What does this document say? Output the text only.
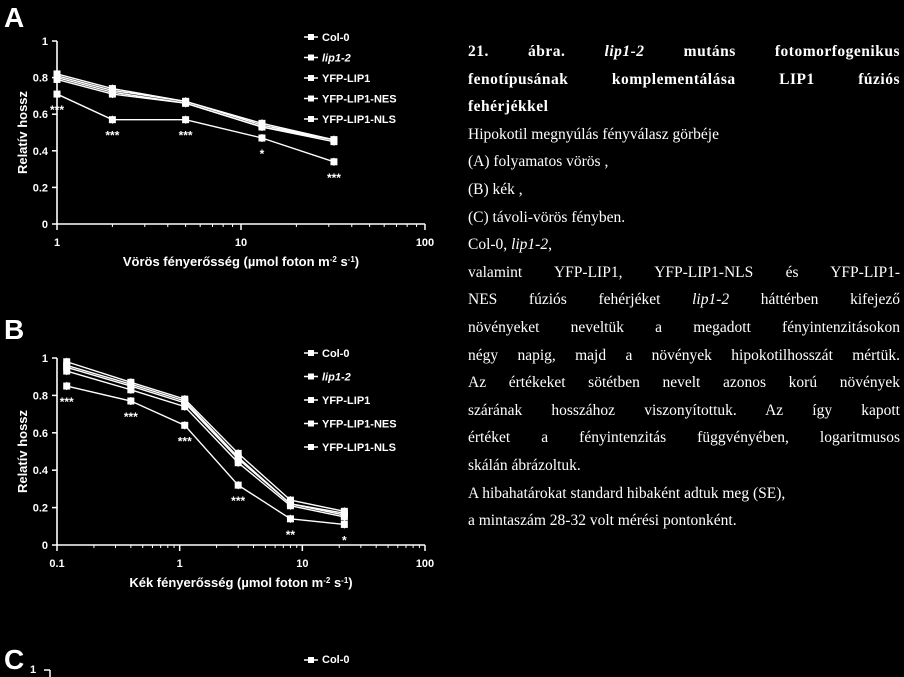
A
0
0.2
0.4
0.6
0.8
1
1	10	100
Vörös fényerősség (µmol foton $m^{-2}$ $s^{-1}$)
Relatív hossz ***
***	***
*
***
Col-0
lip1-2
YFP-LIP1
YFP-LIP1-NES
YFP-LIP1-NLS
B
0
0.2
0.4
0.6
0.8
1
0.1	1	10	100
Kék fényerősség (µmol foton $m^{-2}$ $s^{-1}$)
Relatív hossz
***
***
***
***
**	*
Col-0
lip1-2
YFP-LIP1
YFP-LIP1-NES
YFP-LIP1-NLS
C 1
Col-0

21. ábra. lip1-2 mutáns fotomorfogenikus

fenotípusának komplementálása LIP1 fúziós

fehérjékkel

Hipokotil megnyúlás fényválasz görbéje

(A) folyamatos vörös ,

(B) kék ,

(C) távoli-vörös fényben.

Col-0, lip1-2,

valamint YFP-LIP1, YFP-LIP1-NLS és YFP-LIP1-

NES fúziós fehérjéket lip1-2 háttérben kifejező

növényeket neveltük a megadott fényintenzitásokon

négy napig, majd a növények hipokotilhosszát mértük.

Az értékeket sötétben nevelt azonos korú növények

szárának hosszához viszonyítottuk. Az így kapott

értéket a fényintenzitás függvényében, logaritmusos

skálán ábrázoltuk.

A hibahatárokat standard hibaként adtuk meg (SE),

a mintaszám 28-32 volt mérési pontonként.
